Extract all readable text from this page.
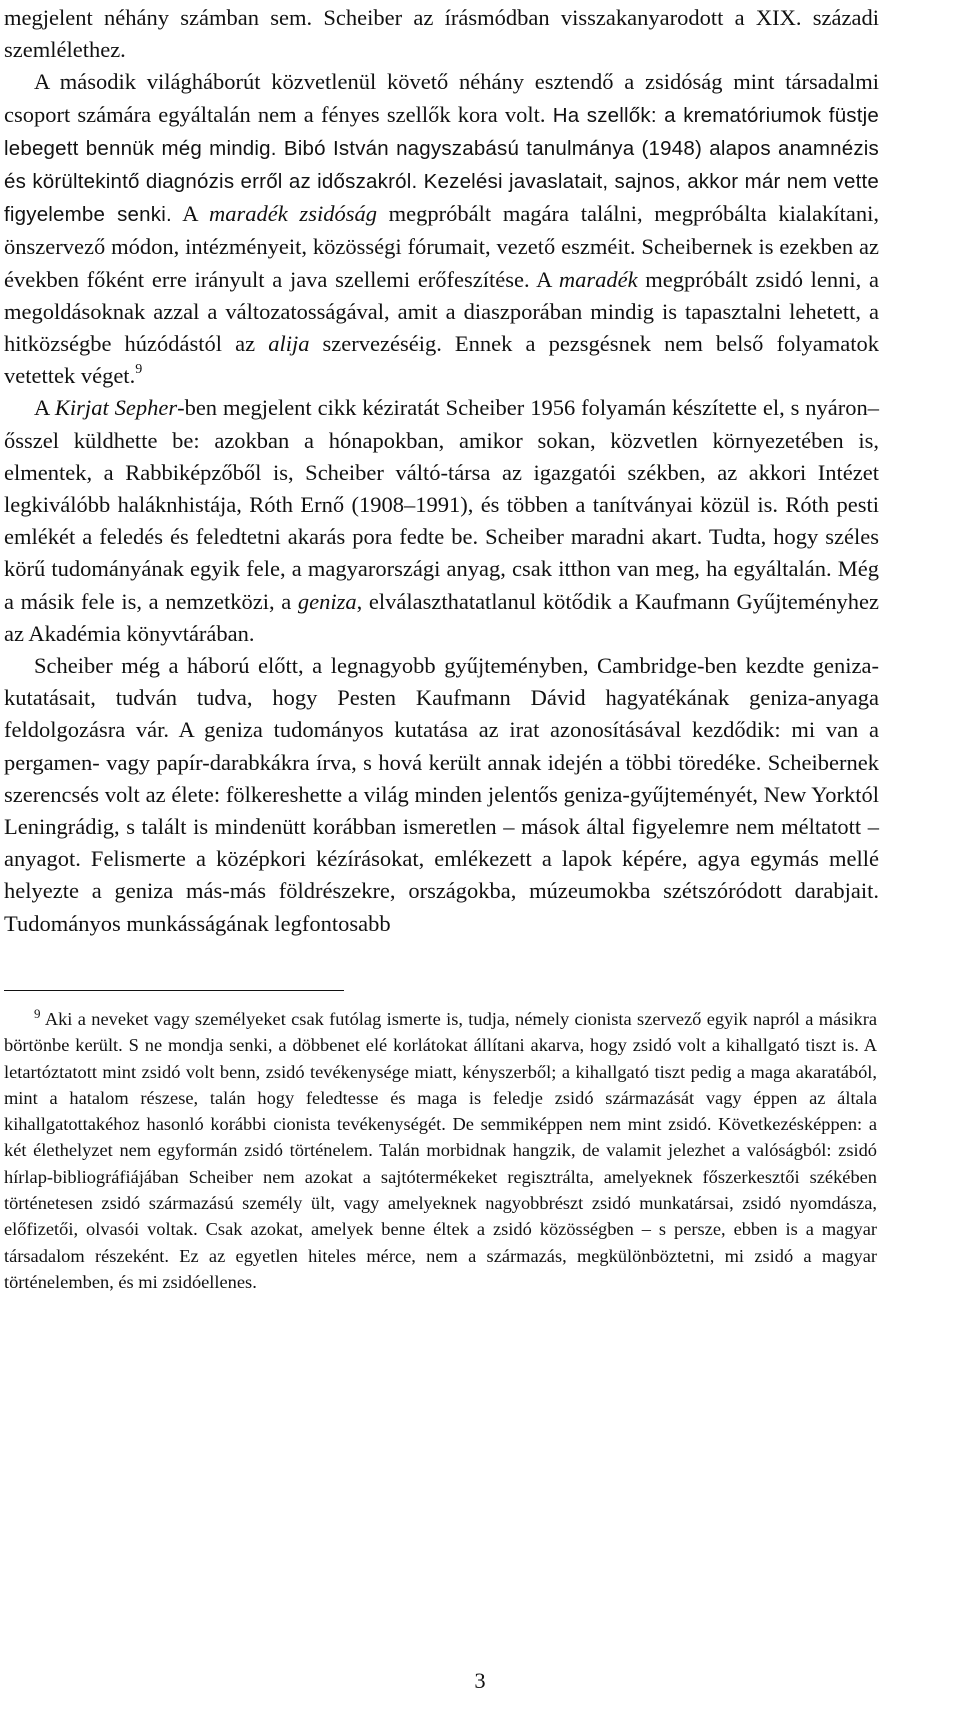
megjelent néhány számban sem. Scheiber az írásmódban visszakanyarodott a XIX. századi szemlélethez.

A második világháborút közvetlenül követő néhány esztendő a zsidóság mint társadalmi csoport számára egyáltalán nem a fényes szellők kora volt. Ha szellők: a krematóriumok füstje lebegett bennük még mindig. Bibó István nagyszabású tanulmánya (1948) alapos anamnézis és körültekintő diagnózis erről az időszakról. Kezelési javaslatait, sajnos, akkor már nem vette figyelembe senki. A maradék zsidóság megpróbált magára találni, megpróbálta kialakítani, önszervező módon, intézményeit, közösségi fórumait, vezető eszméit. Scheibernek is ezekben az években főként erre irányult a java szellemi erőfeszítése. A maradék megpróbált zsidó lenni, a megoldásoknak azzal a változatosságával, amit a diaszporában mindig is tapasztalni lehetett, a hitközségbe húzódástól az alija szervezéséig. Ennek a pezsgésnek nem belső folyamatok vetettek véget.$^9$

A Kirjat Sepher-ben megjelent cikk kéziratát Scheiber 1956 folyamán készítette el, s nyáron–ősszel küldhette be: azokban a hónapokban, amikor sokan, közvetlen környezetében is, elmentek, a Rabbiképzőből is, Scheiber váltó-társa az igazgatói székben, az akkori Intézet legkiválóbb haláknhistája, Róth Ernő (1908–1991), és többen a tanítványai közül is. Róth pesti emlékét a feledés és feledtetni akarás pora fedte be. Scheiber maradni akart. Tudta, hogy széles körű tudományának egyik fele, a magyarországi anyag, csak itthon van meg, ha egyáltalán. Még a másik fele is, a nemzetközi, a geniza, elválaszthatatlanul kötődik a Kaufmann Gyűjteményhez az Akadémia könyvtárában.

Scheiber még a háború előtt, a legnagyobb gyűjteményben, Cambridge-ben kezdte geniza-kutatásait, tudván tudva, hogy Pesten Kaufmann Dávid hagyatékának geniza-anyaga feldolgozásra vár. A geniza tudományos kutatása az irat azonosításával kezdődik: mi van a pergamen- vagy papír-darabkákra írva, s hová került annak idején a többi töredéke. Scheibernek szerencsés volt az élete: fölkereshette a világ minden jelentős geniza-gyűjteményét, New Yorktól Leningrádig, s talált is mindenütt korábban ismeretlen – mások által figyelemre nem méltatott – anyagot. Felismerte a középkori kézírásokat, emlékezett a lapok képére, agya egymás mellé helyezte a geniza más-más földrészekre, országokba, múzeumokba szétszóródott darabjait. Tudományos munkásságának legfontosabb

$^9$ Aki a neveket vagy személyeket csak futólag ismerte is, tudja, némely cionista szervező egyik napról a másikra börtönbe került. S ne mondja senki, a döbbenet elé korlátokat állítani akarva, hogy zsidó volt a kihallgató tiszt is. A letartóztatott mint zsidó volt benn, zsidó tevékenysége miatt, kényszerből; a kihallgató tiszt pedig a maga akaratából, mint a hatalom részese, talán hogy feledtesse és maga is feledje zsidó származását vagy éppen az általa kihallgatottakéhoz hasonló korábbi cionista tevékenységét. De semmiképpen nem mint zsidó. Következésképpen: a két élethelyzet nem egyformán zsidó történelem. Talán morbidnak hangzik, de valamit jelezhet a valóságból: zsidó hírlap-bibliográfiájában Scheiber nem azokat a sajtótermékeket regisztrálta, amelyeknek főszerkesztői székében történetesen zsidó származású személy ült, vagy amelyeknek nagyobbrészt zsidó munkatársai, zsidó nyomdásza, előfizetői, olvasói voltak. Csak azokat, amelyek benne éltek a zsidó közösségben – s persze, ebben is a magyar társadalom részeként. Ez az egyetlen hiteles mérce, nem a származás, megkülönböztetni, mi zsidó a magyar történelemben, és mi zsidóellenes.

3
